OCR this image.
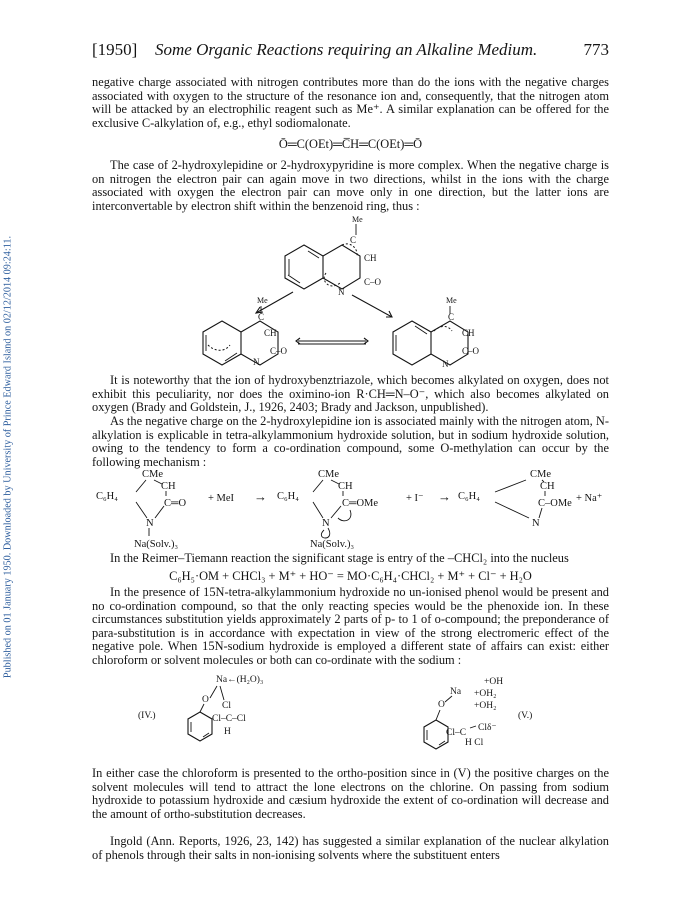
Published on 01 January 1950. Downloaded by University of Prince Edward Island on 02/12/2014 09:24:11.
[1950] Some Organic Reactions requiring an Alkaline Medium.	773

negative charge associated with nitrogen contributes more than do the ions with the negative charges associated with oxygen to the structure of the resonance ion and, consequently, that the nitrogen atom will be attacked by an electrophilic reagent such as Me⁺. A similar explanation can be offered for the exclusive C-alkylation of, e.g., ethyl sodiomalonate.

Ō═C(OEt)═C̅H═C(OEt)═Ō

The case of 2-hydroxylepidine or 2-hydroxypyridine is more complex. When the negative charge is on nitrogen the electron pair can again move in two directions, whilst in the ions with the charge associated with oxygen the electron pair can move only in one direction, but the latter ions are interconvertable by electron shift within the benzenoid ring, thus :

Me
C
CH
C–O
N
Me
C
CH
C–O
N
Me
C
CH
C–O
N

It is noteworthy that the ion of hydroxybenztriazole, which becomes alkylated on oxygen, does not exhibit this peculiarity, nor does the oximino-ion R·CH═N–O⁻, which also becomes alkylated on oxygen (Brady and Goldstein, J., 1926, 2403; Brady and Jackson, unpublished).

As the negative charge on the 2-hydroxylepidine ion is associated mainly with the nitrogen atom, N-alkylation is explicable in tetra-alkylammonium hydroxide solution, but in sodium hydroxide solution, owing to the tendency to form a co-ordination compound, some O-methylation can occur by the following mechanism :

CMe
C₆H₄
CH
C═O
N
Na(Solv.)₃
+ MeI →
CMe
C₆H₄
CH
C═OMe
N
Na(Solv.)₃
+ I⁻ →
CMe
C₆H₄
CH
C–OMe
N
+ Na⁺

In the Reimer–Tiemann reaction the significant stage is entry of the –CHCl₂ into the nucleus

C₆H₅·OM + CHCl₃ + M⁺ + HO⁻ = MO·C₆H₄·CHCl₂ + M⁺ + Cl⁻ + H₂O

In the presence of 15N-tetra-alkylammonium hydroxide no un-ionised phenol would be present and no co-ordination compound, so that the only reacting species would be the phenoxide ion. In these circumstances substitution yields approximately 2 parts of p- to 1 of o-compound; the preponderance of para-substitution is in accordance with expectation in view of the strong electromeric effect of the negative pole. When 15N-sodium hydroxide is employed a different state of affairs can exist: either chloroform or solvent molecules or both can co-ordinate with the sodium :

(IV.)
Na←(H₂O)₃
O
Cl
Cl–C–Cl
H
+OH
Na +OH₂
+OH₂
O
(V.)
Clδ⁻
Cl–C
H Cl

In either case the chloroform is presented to the ortho-position since in (V) the positive charges on the solvent molecules will tend to attract the lone electrons on the chlorine. On passing from sodium hydroxide to potassium hydroxide and cæsium hydroxide the extent of co-ordination will decrease and the amount of ortho-substitution decreases.

Ingold (Ann. Reports, 1926, 23, 142) has suggested a similar explanation of the nuclear alkylation of phenols through their salts in non-ionising solvents where the substituent enters
